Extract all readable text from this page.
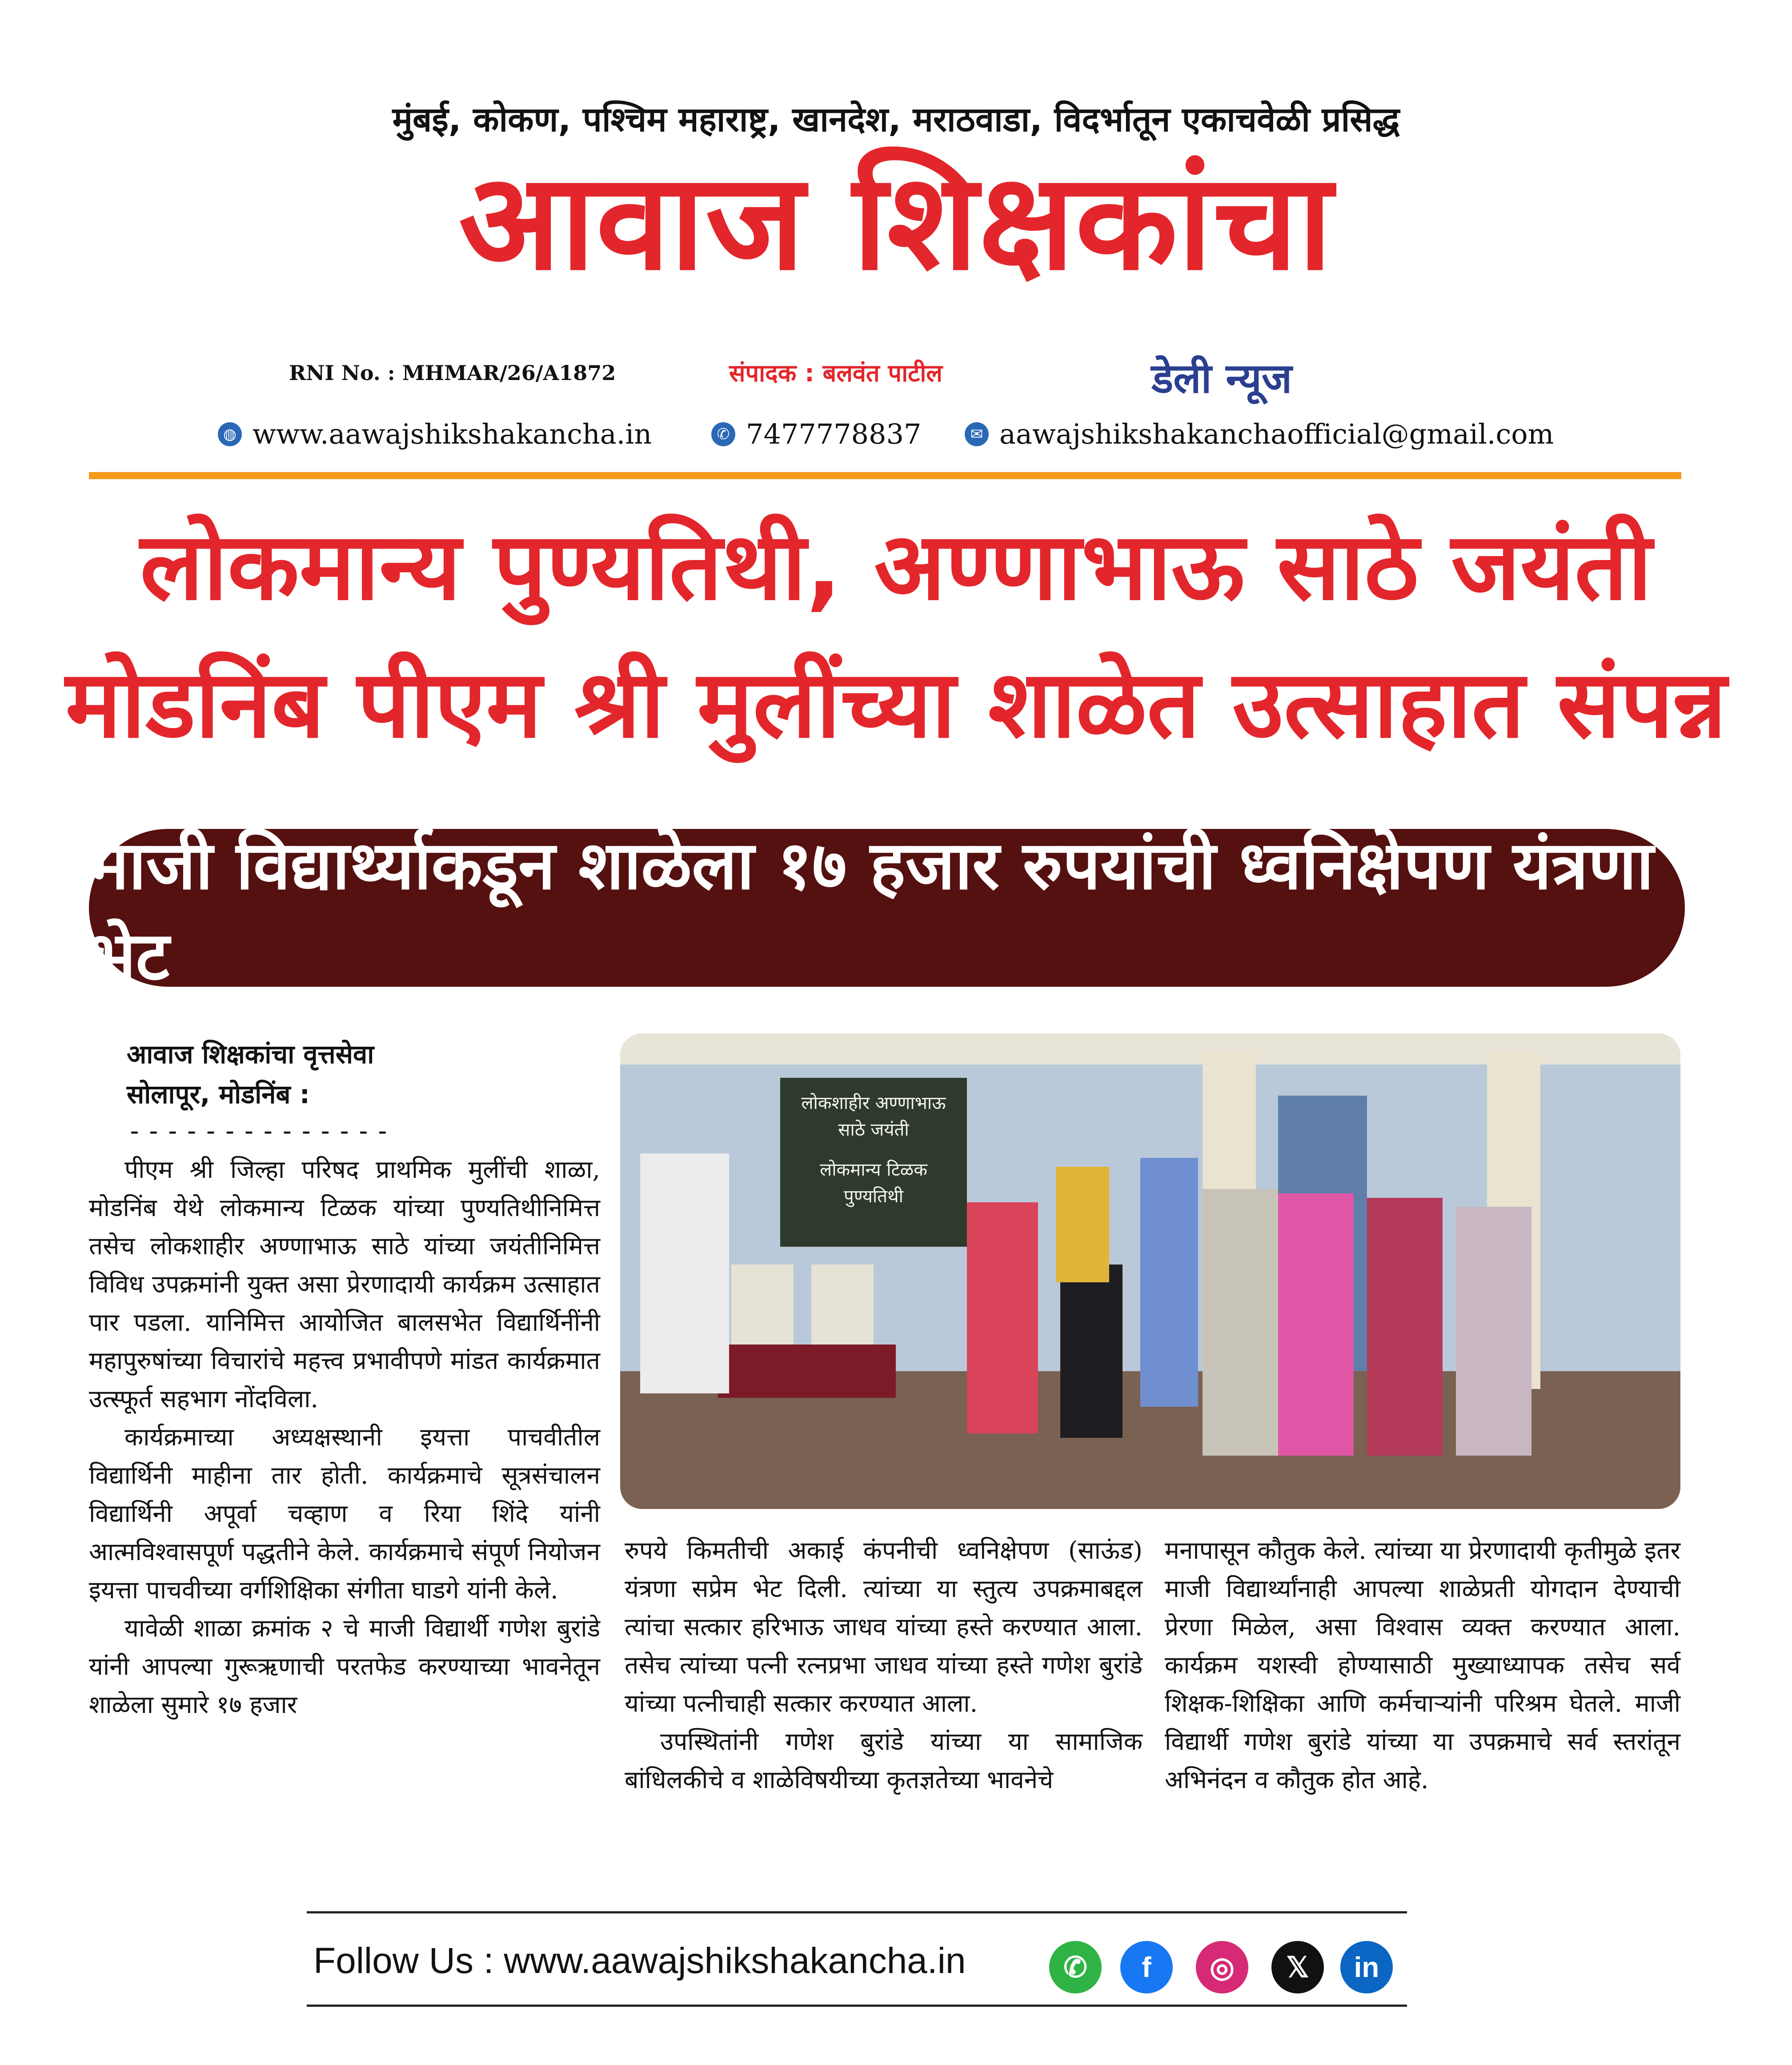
मुंबई, कोकण, पश्चिम महाराष्ट्र, खानदेश, मराठवाडा, विदर्भातून एकाचवेळी प्रसिद्ध
आवाज शिक्षकांचा
RNI No. : MHMAR/26/A1872	संपादक : बलवंत पाटील	डेली न्यूज
◍ www.aawajshikshakancha.in	✆ 7477778837	✉ aawajshikshakanchaofficial@gmail.com
लोकमान्य पुण्यतिथी, अण्णाभाऊ साठे जयंती
मोडनिंब पीएम श्री मुलींच्या शाळेत उत्साहात संपन्न
माजी विद्यार्थ्याकडून शाळेला १७ हजार रुपयांची ध्वनिक्षेपण यंत्रणा भेट
आवाज शिक्षकांचा वृत्तसेवा
सोलापूर, मोडनिंब :
--------------
लोकशाहीर अण्णाभाऊ
साठे जयंती
लोकमान्य टिळक
पुण्यतिथी

पीएम श्री जिल्हा परिषद प्राथमिक मुलींची शाळा, मोडनिंब येथे लोकमान्य टिळक यांच्या पुण्यतिथीनिमित्त तसेच लोकशाहीर अण्णाभाऊ साठे यांच्या जयंतीनिमित्त विविध उपक्रमांनी युक्त असा प्रेरणादायी कार्यक्रम उत्साहात पार पडला. यानिमित्त आयोजित बालसभेत विद्यार्थिनींनी महापुरुषांच्या विचारांचे महत्त्व प्रभावीपणे मांडत कार्यक्रमात उत्स्फूर्त सहभाग नोंदविला.

कार्यक्रमाच्या अध्यक्षस्थानी इयत्ता पाचवीतील विद्यार्थिनी माहीना तार होती. कार्यक्रमाचे सूत्रसंचालन विद्यार्थिनी अपूर्वा चव्हाण व रिया शिंदे यांनी आत्मविश्वासपूर्ण पद्धतीने केले. कार्यक्रमाचे संपूर्ण नियोजन इयत्ता पाचवीच्या वर्गशिक्षिका संगीता घाडगे यांनी केले.

यावेळी शाळा क्रमांक २ चे माजी विद्यार्थी गणेश बुरांडे यांनी आपल्या गुरूऋणाची परतफेड करण्याच्या भावनेतून शाळेला सुमारे १७ हजार

रुपये किमतीची अकाई कंपनीची ध्वनिक्षेपण (साऊंड) यंत्रणा सप्रेम भेट दिली. त्यांच्या या स्तुत्य उपक्रमाबद्दल त्यांचा सत्कार हरिभाऊ जाधव यांच्या हस्ते करण्यात आला. तसेच त्यांच्या पत्नी रत्नप्रभा जाधव यांच्या हस्ते गणेश बुरांडे यांच्या पत्नीचाही सत्कार करण्यात आला.

उपस्थितांनी गणेश बुरांडे यांच्या या सामाजिक बांधिलकीचे व शाळेविषयीच्या कृतज्ञतेच्या भावनेचे

मनापासून कौतुक केले. त्यांच्या या प्रेरणादायी कृतीमुळे इतर माजी विद्यार्थ्यांनाही आपल्या शाळेप्रती योगदान देण्याची प्रेरणा मिळेल, असा विश्वास व्यक्त करण्यात आला. कार्यक्रम यशस्वी होण्यासाठी मुख्याध्यापक तसेच सर्व शिक्षक-शिक्षिका आणि कर्मचाऱ्यांनी परिश्रम घेतले. माजी विद्यार्थी गणेश बुरांडे यांच्या या उपक्रमाचे सर्व स्तरांतून अभिनंदन व कौतुक होत आहे.

Follow Us : www.aawajshikshakancha.in	✆	f	◎	𝕏	in
